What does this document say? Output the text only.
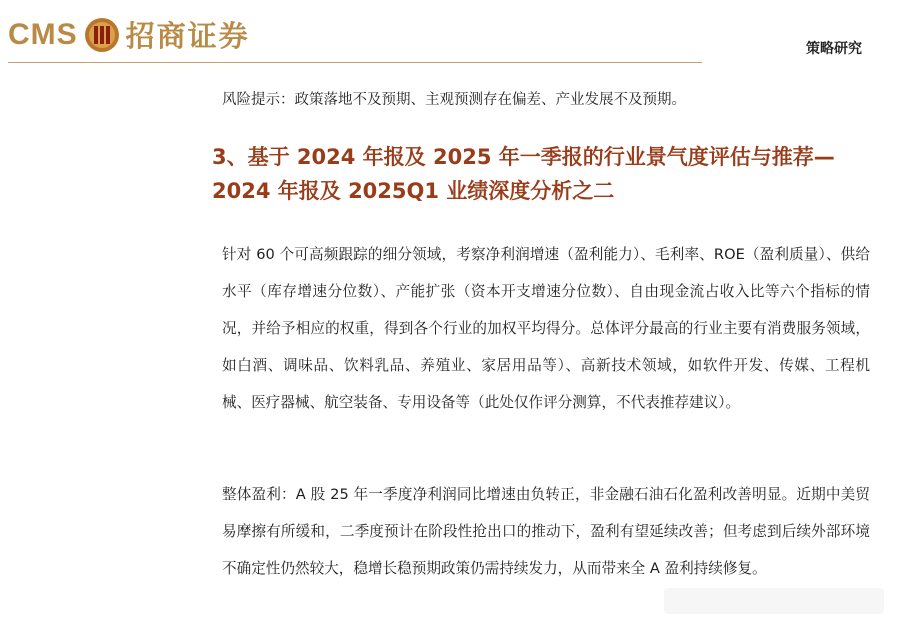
CMS 招商证券	策略研究
风险提示：政策落地不及预期、主观预测存在偏差、产业发展不及预期。
3、基于 2024 年报及 2025 年一季报的行业景气度评估与推荐—2024 年报及 2025Q1 业绩深度分析之二
针对 60 个可高频跟踪的细分领域，考察净利润增速（盈利能力）、毛利率、ROE（盈利质量）、供给水平（库存增速分位数）、产能扩张（资本开支增速分位数）、自由现金流占收入比等六个指标的情况，并给予相应的权重，得到各个行业的加权平均得分。总体评分最高的行业主要有消费服务领域，如白酒、调味品、饮料乳品、养殖业、家居用品等）、高新技术领域，如软件开发、传媒、工程机械、医疗器械、航空装备、专用设备等（此处仅作评分测算，不代表推荐建议）。
整体盈利：A 股 25 年一季度净利润同比增速由负转正，非金融石油石化盈利改善明显。近期中美贸易摩擦有所缓和，二季度预计在阶段性抢出口的推动下，盈利有望延续改善；但考虑到后续外部环境不确定性仍然较大，稳增长稳预期政策仍需持续发力，从而带来全 A 盈利持续修复。
